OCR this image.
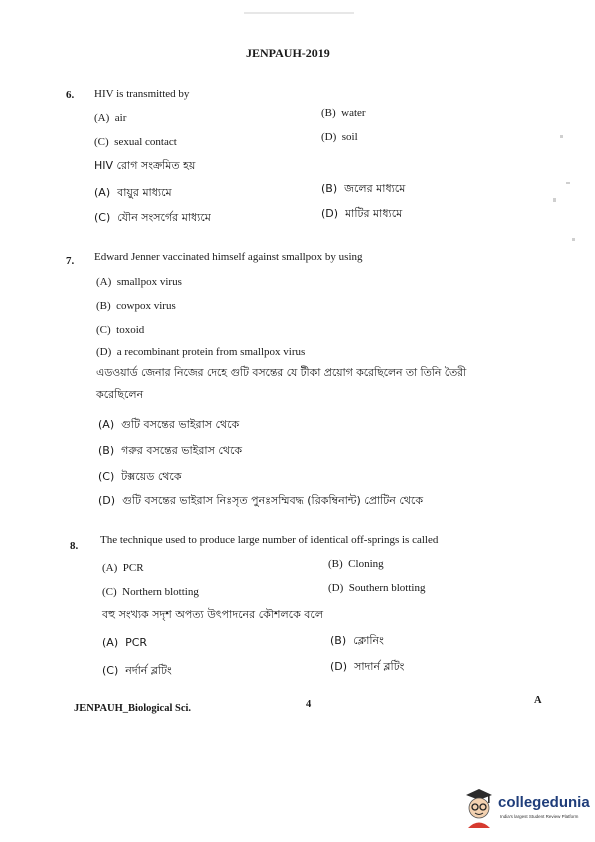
JENPAUH-2019
6. HIV is transmitted by
(A) air	(B) water
(C) sexual contact	(D) soil
HIV রোগ সংক্রমিত হয়
(A) বায়ুর মাধ্যমে	(B) জলের মাধ্যমে
(C) যৌন সংসর্গের মাধ্যমে	(D) মাটির মাধ্যমে
7. Edward Jenner vaccinated himself against smallpox by using
(A) smallpox virus
(B) cowpox virus
(C) toxoid
(D) a recombinant protein from smallpox virus
এডওয়ার্ড জেনার নিজের দেহে গুটি বসন্তের যে টীকা প্রয়োগ করেছিলেন তা তিনি তৈরী
করেছিলেন
(A) গুটি বসন্তের ভাইরাস থেকে
(B) গরুর বসন্তের ভাইরাস থেকে
(C) টক্সয়েড থেকে
(D) গুটি বসন্তের ভাইরাস নিঃসৃত পুনঃসম্মিবদ্ধ (রিকম্বিনান্ট) প্রোটিন থেকে
8. The technique used to produce large number of identical off-springs is called
(A) PCR	(B) Cloning
(C) Northern blotting	(D) Southern blotting
বহু সংখ্যক সদৃশ অপত্য উৎপাদনের কৌশলকে বলে
(A) PCR	(B) ক্লোনিং
(C) নর্দার্ন ব্লটিং	(D) সাদার্ন ব্লটিং
JENPAUH_Biological Sci.	4	A
collegedunia
India's largest Student Review Platform
